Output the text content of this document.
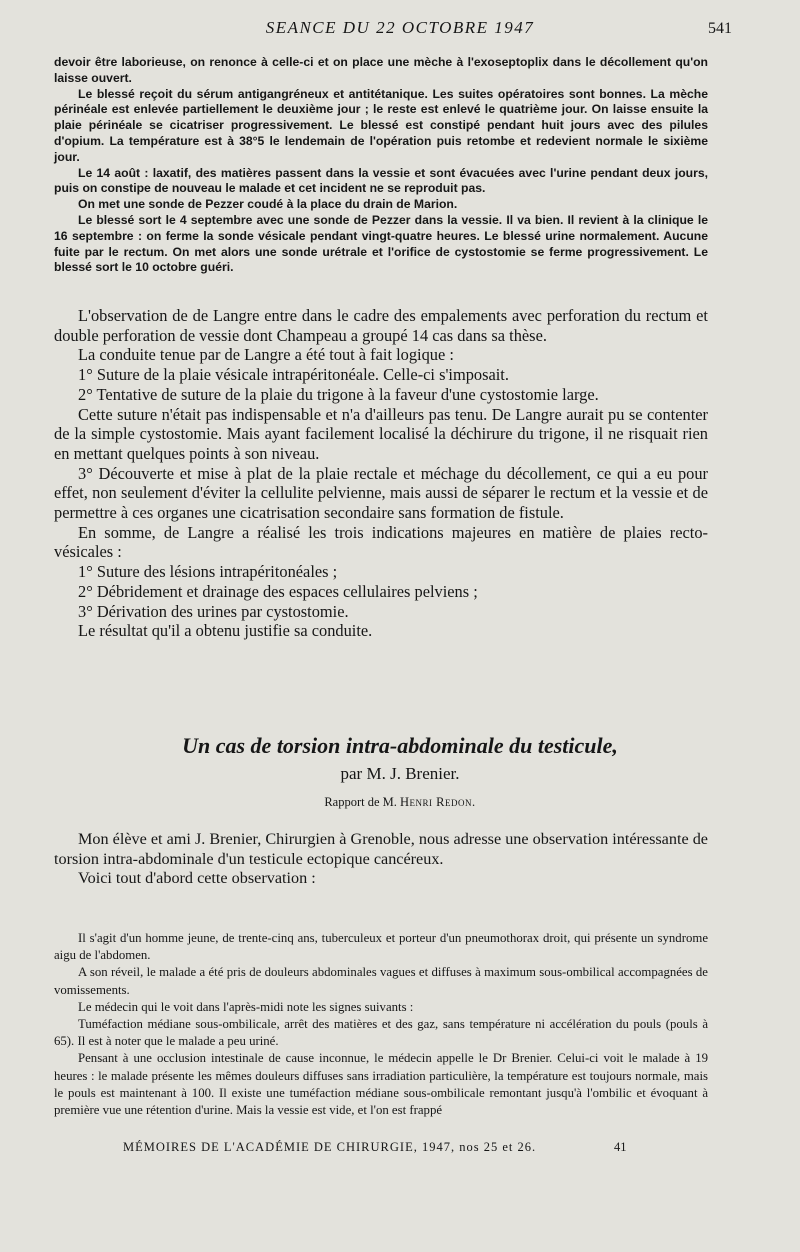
SEANCE DU 22 OCTOBRE 1947	541

devoir être laborieuse, on renonce à celle-ci et on place une mèche à l'exoseptoplix dans le décollement qu'on laisse ouvert.

Le blessé reçoit du sérum antigangréneux et antitétanique. Les suites opératoires sont bonnes. La mèche périnéale est enlevée partiellement le deuxième jour ; le reste est enlevé le quatrième jour. On laisse ensuite la plaie périnéale se cicatriser progressivement. Le blessé est constipé pendant huit jours avec des pilules d'opium. La température est à 38°5 le lendemain de l'opération puis retombe et redevient normale le sixième jour.

Le 14 août : laxatif, des matières passent dans la vessie et sont évacuées avec l'urine pendant deux jours, puis on constipe de nouveau le malade et cet incident ne se reproduit pas.

On met une sonde de Pezzer coudé à la place du drain de Marion.

Le blessé sort le 4 septembre avec une sonde de Pezzer dans la vessie. Il va bien. Il revient à la clinique le 16 septembre : on ferme la sonde vésicale pendant vingt-quatre heures. Le blessé urine normalement. Aucune fuite par le rectum. On met alors une sonde urétrale et l'orifice de cystostomie se ferme progressivement. Le blessé sort le 10 octobre guéri.

L'observation de de Langre entre dans le cadre des empalements avec perforation du rectum et double perforation de vessie dont Champeau a groupé 14 cas dans sa thèse.

La conduite tenue par de Langre a été tout à fait logique :

1° Suture de la plaie vésicale intrapéritonéale. Celle-ci s'imposait.

2° Tentative de suture de la plaie du trigone à la faveur d'une cystostomie large.

Cette suture n'était pas indispensable et n'a d'ailleurs pas tenu. De Langre aurait pu se contenter de la simple cystostomie. Mais ayant facilement localisé la déchirure du trigone, il ne risquait rien en mettant quelques points à son niveau.

3° Découverte et mise à plat de la plaie rectale et méchage du décollement, ce qui a eu pour effet, non seulement d'éviter la cellulite pelvienne, mais aussi de séparer le rectum et la vessie et de permettre à ces organes une cicatrisation secondaire sans formation de fistule.

En somme, de Langre a réalisé les trois indications majeures en matière de plaies recto-vésicales :

1° Suture des lésions intrapéritonéales ;

2° Débridement et drainage des espaces cellulaires pelviens ;

3° Dérivation des urines par cystostomie.

Le résultat qu'il a obtenu justifie sa conduite.

Un cas de torsion intra-abdominale du testicule,
par M. J. Brenier.
Rapport de M. Henri Redon.

Mon élève et ami J. Brenier, Chirurgien à Grenoble, nous adresse une observation intéressante de torsion intra-abdominale d'un testicule ectopique cancéreux.

Voici tout d'abord cette observation :

Il s'agit d'un homme jeune, de trente-cinq ans, tuberculeux et porteur d'un pneumothorax droit, qui présente un syndrome aigu de l'abdomen.

A son réveil, le malade a été pris de douleurs abdominales vagues et diffuses à maximum sous-ombilical accompagnées de vomissements.

Le médecin qui le voit dans l'après-midi note les signes suivants :

Tuméfaction médiane sous-ombilicale, arrêt des matières et des gaz, sans température ni accélération du pouls (pouls à 65). Il est à noter que le malade a peu uriné.

Pensant à une occlusion intestinale de cause inconnue, le médecin appelle le Dr Brenier. Celui-ci voit le malade à 19 heures : le malade présente les mêmes douleurs diffuses sans irradiation particulière, la température est toujours normale, mais le pouls est maintenant à 100. Il existe une tuméfaction médiane sous-ombilicale remontant jusqu'à l'ombilic et évoquant à première vue une rétention d'urine. Mais la vessie est vide, et l'on est frappé

MÉMOIRES DE L'ACADÉMIE DE CHIRURGIE, 1947, nos 25 et 26.	41
